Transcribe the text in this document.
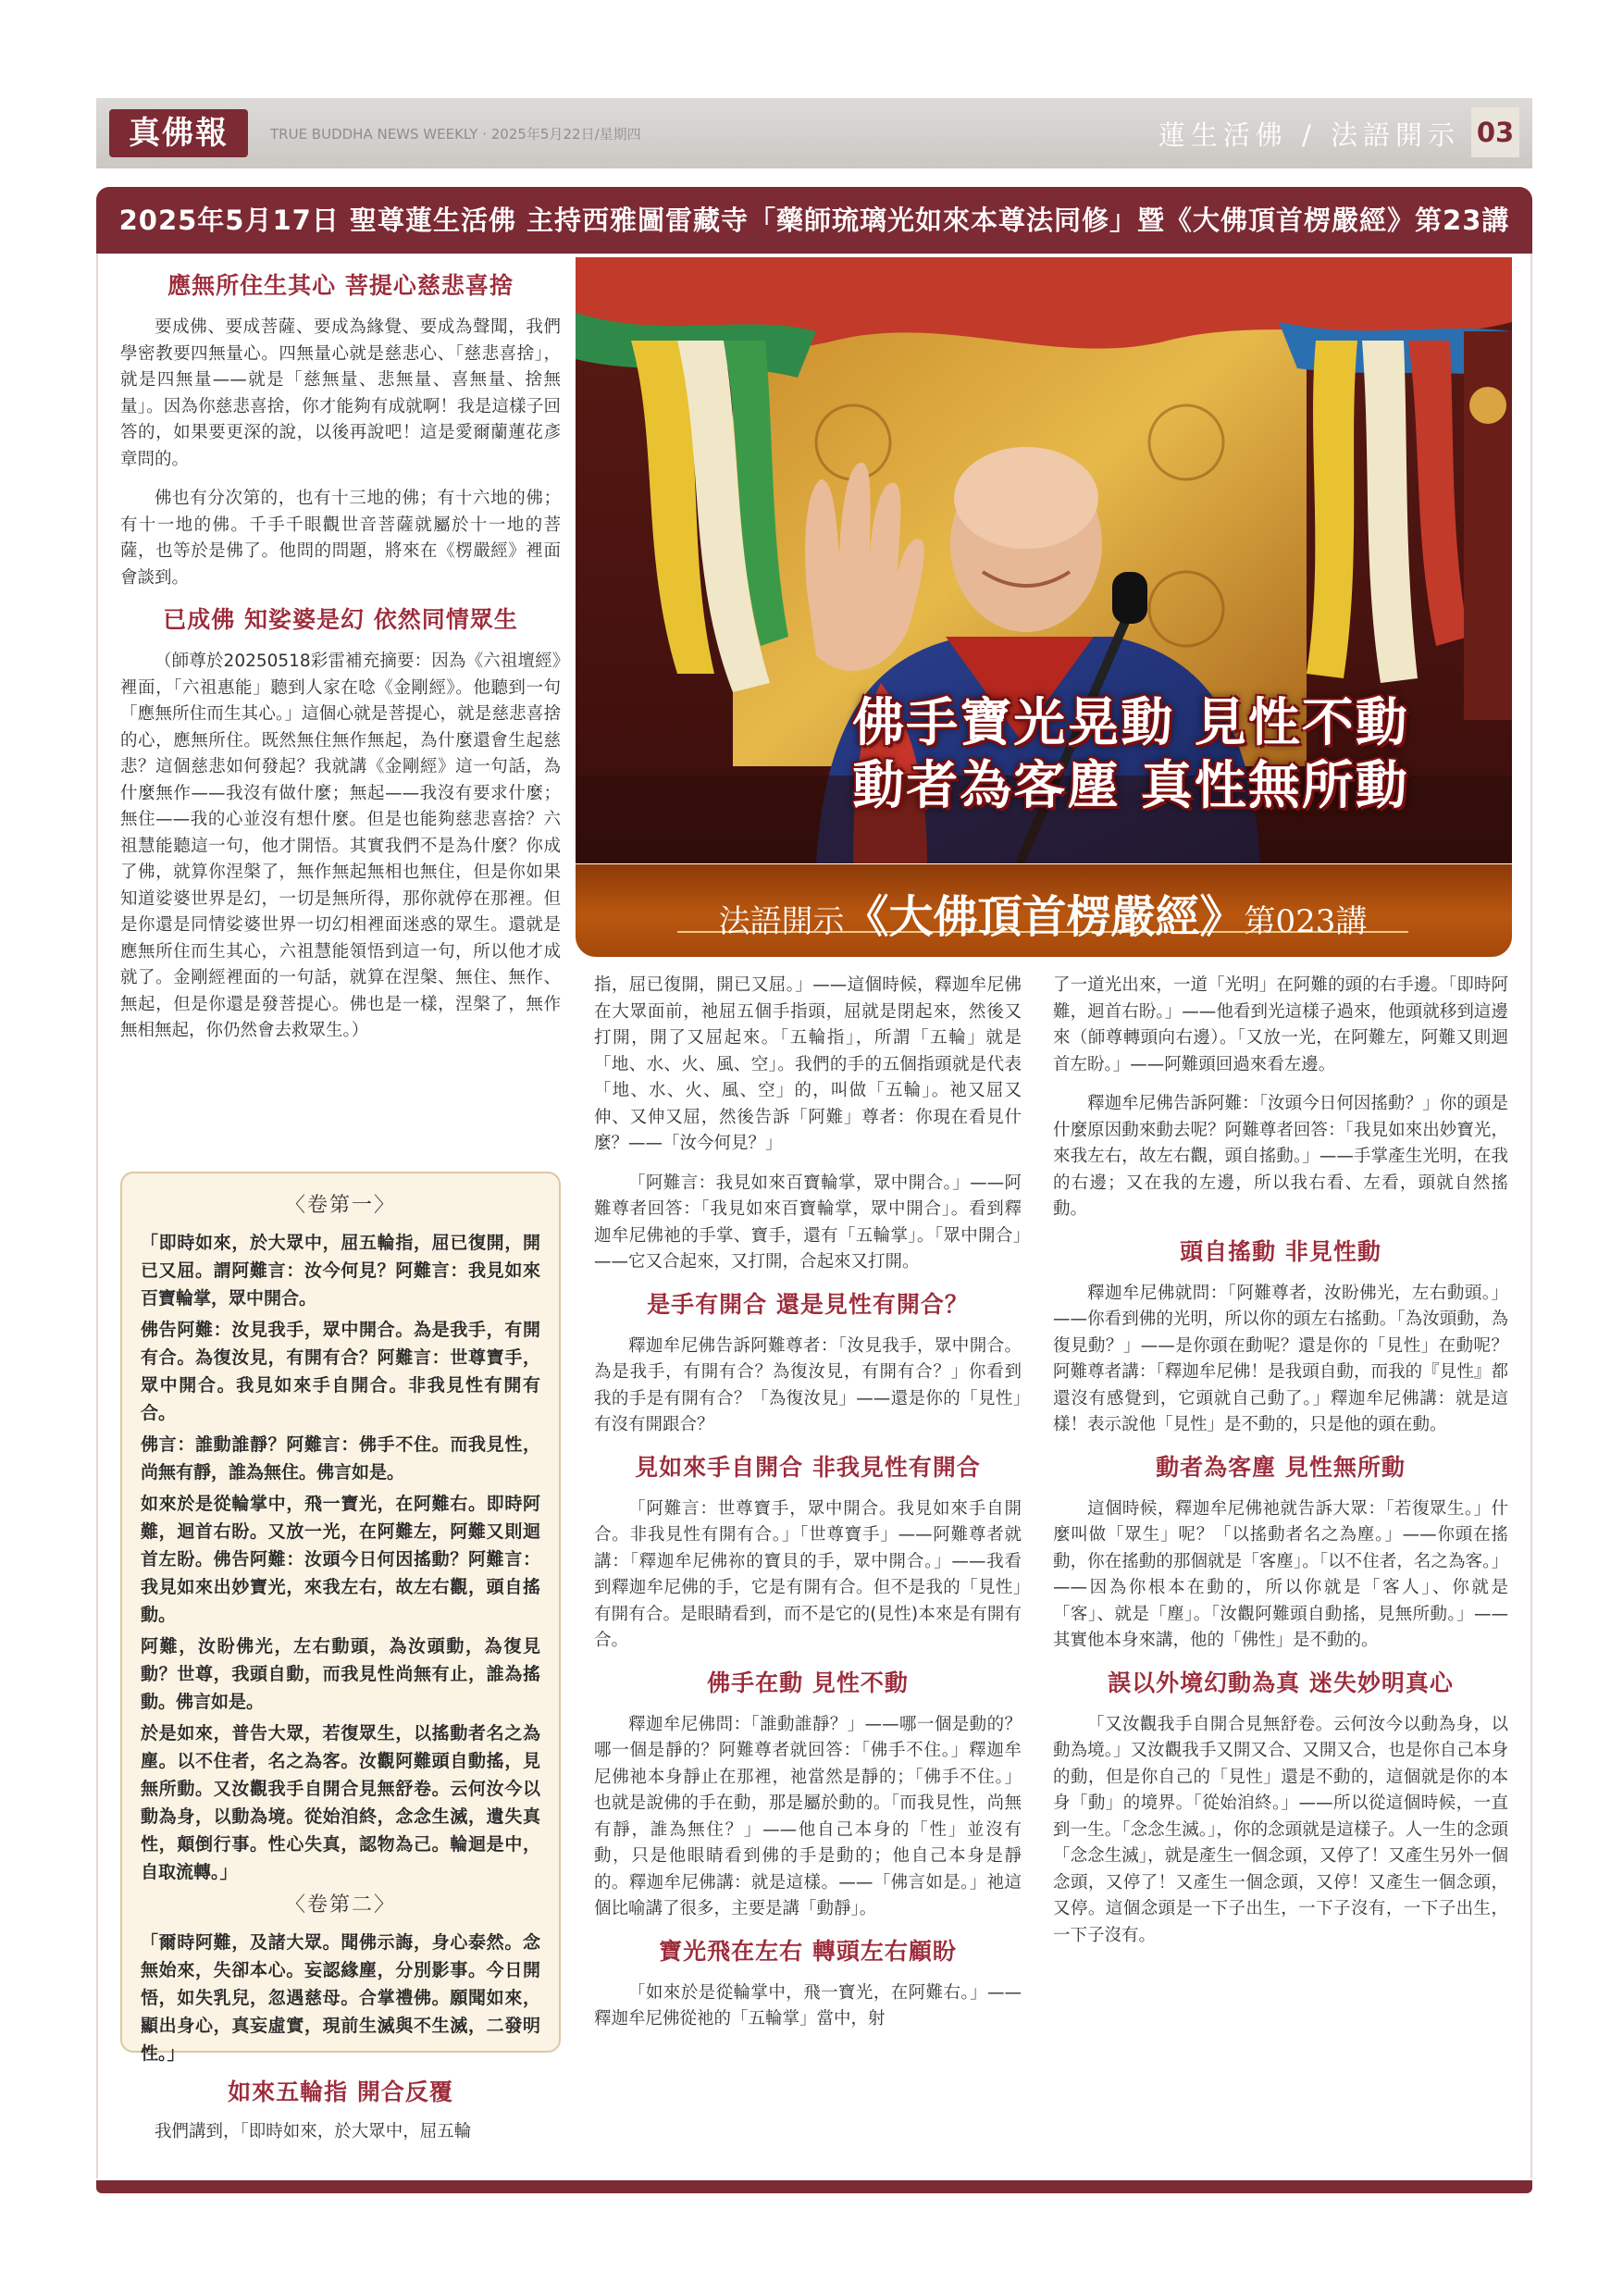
真佛報	TRUE BUDDHA NEWS WEEKLY · 2025年5月22日/星期四	蓮生活佛 / 法語開示 03
2025年5月17日 聖尊蓮生活佛 主持西雅圖雷藏寺「藥師琉璃光如來本尊法同修」暨《大佛頂首楞嚴經》第23講
應無所住生其心 菩提心慈悲喜捨

要成佛、要成菩薩、要成為緣覺、要成為聲聞，我們學密教要四無量心。四無量心就是慈悲心、「慈悲喜捨」，就是四無量——就是「慈無量、悲無量、喜無量、捨無量」。因為你慈悲喜捨，你才能夠有成就啊！我是這樣子回答的，如果要更深的說，以後再說吧！這是愛爾蘭蓮花彥章問的。

佛也有分次第的，也有十三地的佛；有十六地的佛；有十一地的佛。千手千眼觀世音菩薩就屬於十一地的菩薩，也等於是佛了。他問的問題，將來在《楞嚴經》裡面會談到。

已成佛 知娑婆是幻 依然同情眾生

（師尊於20250518彩雷補充摘要：因為《六祖壇經》裡面，「六祖惠能」聽到人家在唸《金剛經》。他聽到一句「應無所住而生其心。」這個心就是菩提心，就是慈悲喜捨的心，應無所住。既然無住無作無起，為什麼還會生起慈悲？這個慈悲如何發起？我就講《金剛經》這一句話，為什麼無作——我沒有做什麼；無起——我沒有要求什麼；無住——我的心並沒有想什麼。但是也能夠慈悲喜捨？六祖慧能聽這一句，他才開悟。其實我們不是為什麼？你成了佛，就算你涅槃了，無作無起無相也無住，但是你如果知道娑婆世界是幻，一切是無所得，那你就停在那裡。但是你還是同情娑婆世界一切幻相裡面迷惑的眾生。還就是應無所住而生其心，六祖慧能領悟到這一句，所以他才成就了。金剛經裡面的一句話，就算在涅槃、無住、無作、無起，但是你還是發菩提心。佛也是一樣，涅槃了，無作無相無起，你仍然會去救眾生。）

〈卷第一〉

「即時如來，於大眾中，屈五輪指，屈已復開，開已又屈。謂阿難言：汝今何見？阿難言：我見如來百寶輪掌，眾中開合。

佛告阿難：汝見我手，眾中開合。為是我手，有開有合。為復汝見，有開有合？阿難言：世尊寶手，眾中開合。我見如來手自開合。非我見性有開有合。

佛言：誰動誰靜？阿難言：佛手不住。而我見性，尚無有靜，誰為無住。佛言如是。

如來於是從輪掌中，飛一寶光，在阿難右。即時阿難，迴首右盼。又放一光，在阿難左，阿難又則迴首左盼。佛告阿難：汝頭今日何因搖動？阿難言：我見如來出妙寶光，來我左右，故左右觀，頭自搖動。

阿難，汝盼佛光，左右動頭，為汝頭動，為復見動？世尊，我頭自動，而我見性尚無有止，誰為搖動。佛言如是。

於是如來，普告大眾，若復眾生，以搖動者名之為塵。以不住者，名之為客。汝觀阿難頭自動搖，見無所動。又汝觀我手自開合見無舒卷。云何汝今以動為身，以動為境。從始洎終，念念生滅，遺失真性，顛倒行事。性心失真，認物為己。輪迴是中，自取流轉。」

〈卷第二〉

「爾時阿難，及諸大眾。聞佛示誨，身心泰然。念無始來，失卻本心。妄認緣塵，分別影事。今日開悟，如失乳兒，忽遇慈母。合掌禮佛。願聞如來，顯出身心，真妄虛實，現前生滅與不生滅，二發明性。」

如來五輪指 開合反覆

我們講到，「即時如來，於大眾中，屈五輪

佛手寶光晃動 見性不動
動者為客塵 真性無所動
法語開示《大佛頂首楞嚴經》第023講

指，屈已復開，開已又屈。」——這個時候，釋迦牟尼佛在大眾面前，祂屈五個手指頭，屈就是閉起來，然後又打開，開了又屈起來。「五輪指」，所謂「五輪」就是「地、水、火、風、空」。我們的手的五個指頭就是代表「地、水、火、風、空」的，叫做「五輪」。祂又屈又伸、又伸又屈，然後告訴「阿難」尊者：你現在看見什麼？——「汝今何見？」

「阿難言：我見如來百寶輪掌，眾中開合。」——阿難尊者回答：「我見如來百寶輪掌，眾中開合」。看到釋迦牟尼佛祂的手掌、寶手，還有「五輪掌」。「眾中開合」——它又合起來，又打開，合起來又打開。

是手有開合 還是見性有開合？

釋迦牟尼佛告訴阿難尊者：「汝見我手，眾中開合。為是我手，有開有合？為復汝見，有開有合？」你看到我的手是有開有合？「為復汝見」——還是你的「見性」有沒有開跟合？

見如來手自開合 非我見性有開合

「阿難言：世尊寶手，眾中開合。我見如來手自開合。非我見性有開有合。」「世尊寶手」——阿難尊者就講：「釋迦牟尼佛祢的寶貝的手，眾中開合。」——我看到釋迦牟尼佛的手，它是有開有合。但不是我的「見性」有開有合。是眼睛看到，而不是它的(見性)本來是有開有合。

佛手在動 見性不動

釋迦牟尼佛問：「誰動誰靜？」——哪一個是動的？哪一個是靜的？阿難尊者就回答：「佛手不住。」釋迦牟尼佛祂本身靜止在那裡，祂當然是靜的；「佛手不住。」也就是說佛的手在動，那是屬於動的。「而我見性，尚無有靜，誰為無住？」——他自己本身的「性」並沒有動，只是他眼睛看到佛的手是動的；他自己本身是靜的。釋迦牟尼佛講：就是這樣。——「佛言如是。」祂這個比喻講了很多，主要是講「動靜」。

寶光飛在左右 轉頭左右顧盼

「如來於是從輪掌中，飛一寶光，在阿難右。」——釋迦牟尼佛從祂的「五輪掌」當中，射

了一道光出來，一道「光明」在阿難的頭的右手邊。「即時阿難，迴首右盼。」——他看到光這樣子過來，他頭就移到這邊來（師尊轉頭向右邊）。「又放一光，在阿難左，阿難又則迴首左盼。」——阿難頭回過來看左邊。

釋迦牟尼佛告訴阿難：「汝頭今日何因搖動？」你的頭是什麼原因動來動去呢？阿難尊者回答：「我見如來出妙寶光，來我左右，故左右觀，頭自搖動。」——手掌產生光明，在我的右邊；又在我的左邊，所以我右看、左看，頭就自然搖動。

頭自搖動 非見性動

釋迦牟尼佛就問：「阿難尊者，汝盼佛光，左右動頭。」——你看到佛的光明，所以你的頭左右搖動。「為汝頭動，為復見動？」——是你頭在動呢？還是你的「見性」在動呢？阿難尊者講：「釋迦牟尼佛！是我頭自動，而我的『見性』都還沒有感覺到，它頭就自己動了。」釋迦牟尼佛講：就是這樣！表示說他「見性」是不動的，只是他的頭在動。

動者為客塵 見性無所動

這個時候，釋迦牟尼佛祂就告訴大眾：「若復眾生。」什麼叫做「眾生」呢？「以搖動者名之為塵。」——你頭在搖動，你在搖動的那個就是「客塵」。「以不住者，名之為客。」——因為你根本在動的，所以你就是「客人」、你就是「客」、就是「塵」。「汝觀阿難頭自動搖，見無所動。」——其實他本身來講，他的「佛性」是不動的。

誤以外境幻動為真 迷失妙明真心

「又汝觀我手自開合見無舒卷。云何汝今以動為身，以動為境。」又汝觀我手又開又合、又開又合，也是你自己本身的動，但是你自己的「見性」還是不動的，這個就是你的本身「動」的境界。「從始洎終。」——所以從這個時候，一直到一生。「念念生滅。」，你的念頭就是這樣子。人一生的念頭「念念生滅」，就是產生一個念頭，又停了！又產生另外一個念頭，又停了！又產生一個念頭，又停！又產生一個念頭，又停。這個念頭是一下子出生，一下子沒有，一下子出生，一下子沒有。
